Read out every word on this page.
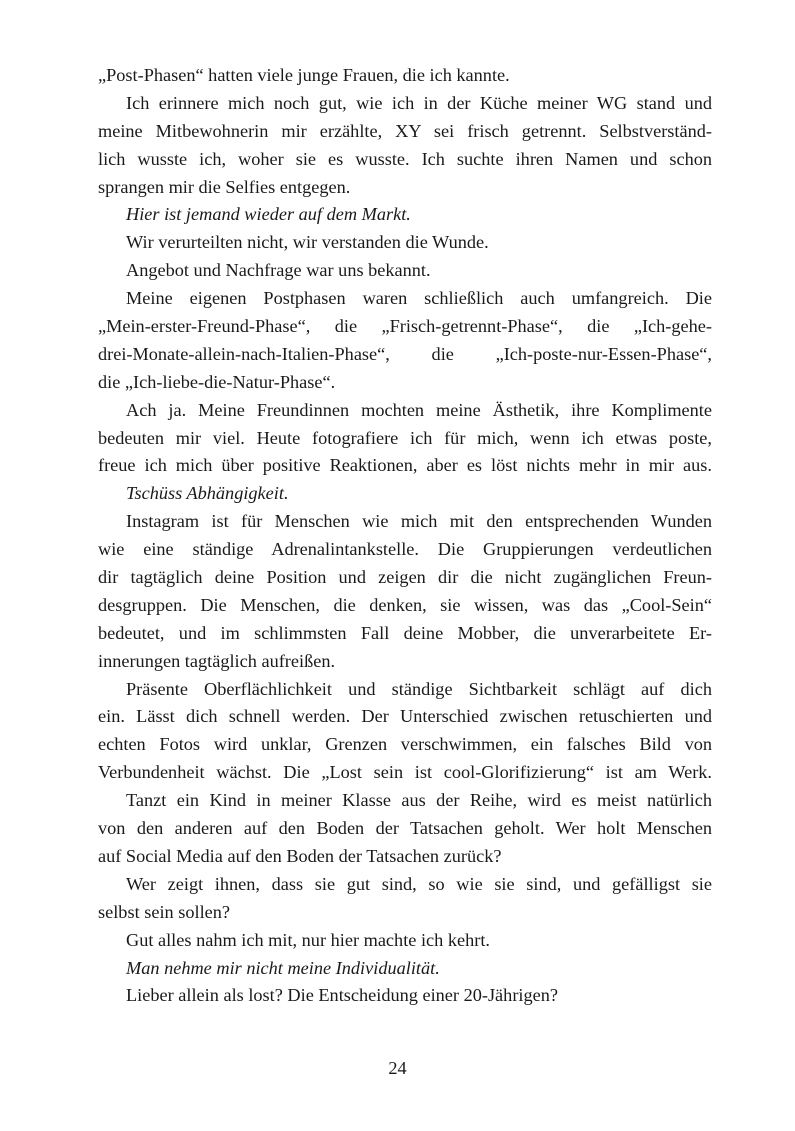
„Post-Phasen“ hatten viele junge Frauen, die ich kannte.
Ich erinnere mich noch gut, wie ich in der Küche meiner WG stand und
meine Mitbewohnerin mir erzählte, XY sei frisch getrennt. Selbstverständ-
lich wusste ich, woher sie es wusste. Ich suchte ihren Namen und schon
sprangen mir die Selfies entgegen.
Hier ist jemand wieder auf dem Markt.
Wir verurteilten nicht, wir verstanden die Wunde.
Angebot und Nachfrage war uns bekannt.
Meine eigenen Postphasen waren schließlich auch umfangreich. Die
„Mein-erster-Freund-Phase“, die „Frisch-getrennt-Phase“, die „Ich-gehe-
drei-Monate-allein-nach-Italien-Phase“, die „Ich-poste-nur-Essen-Phase“,
die „Ich-liebe-die-Natur-Phase“.
Ach ja. Meine Freundinnen mochten meine Ästhetik, ihre Komplimente
bedeuten mir viel. Heute fotografiere ich für mich, wenn ich etwas poste,
freue ich mich über positive Reaktionen, aber es löst nichts mehr in mir aus.
Tschüss Abhängigkeit.
Instagram ist für Menschen wie mich mit den entsprechenden Wunden
wie eine ständige Adrenalintankstelle. Die Gruppierungen verdeutlichen
dir tagtäglich deine Position und zeigen dir die nicht zugänglichen Freun-
desgruppen. Die Menschen, die denken, sie wissen, was das „Cool-Sein“
bedeutet, und im schlimmsten Fall deine Mobber, die unverarbeitete Er-
innerungen tagtäglich aufreißen.
Präsente Oberflächlichkeit und ständige Sichtbarkeit schlägt auf dich
ein. Lässt dich schnell werden. Der Unterschied zwischen retuschierten und
echten Fotos wird unklar, Grenzen verschwimmen, ein falsches Bild von
Verbundenheit wächst. Die „Lost sein ist cool-Glorifizierung“ ist am Werk.
Tanzt ein Kind in meiner Klasse aus der Reihe, wird es meist natürlich
von den anderen auf den Boden der Tatsachen geholt. Wer holt Menschen
auf Social Media auf den Boden der Tatsachen zurück?
Wer zeigt ihnen, dass sie gut sind, so wie sie sind, und gefälligst sie
selbst sein sollen?
Gut alles nahm ich mit, nur hier machte ich kehrt.
Man nehme mir nicht meine Individualität.
Lieber allein als lost? Die Entscheidung einer 20-Jährigen?
24
